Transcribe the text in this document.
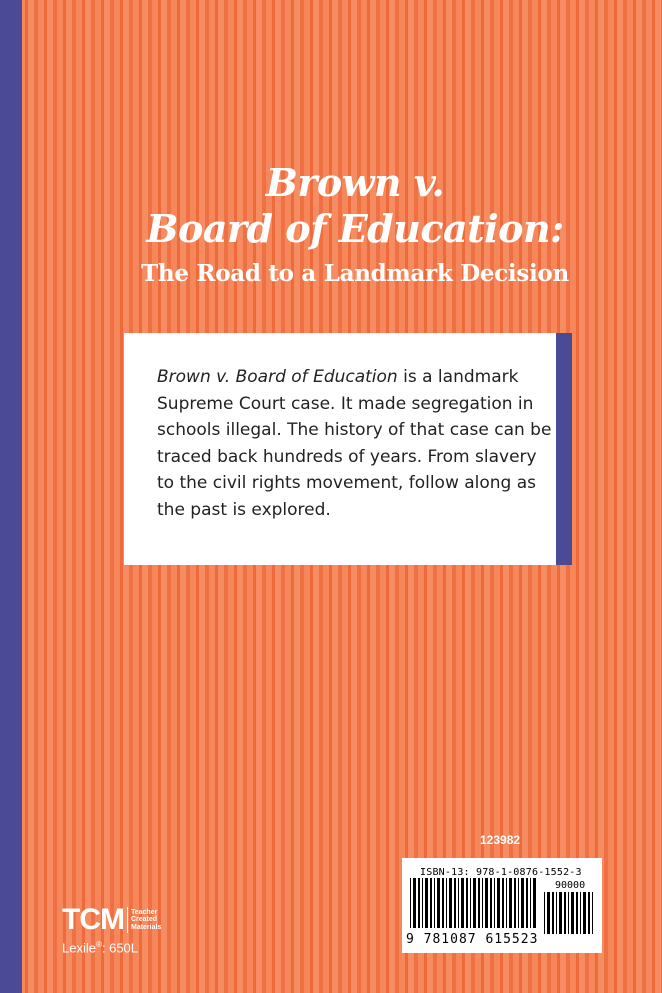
Brown v.
Board of Education:
The Road to a Landmark Decision
Brown v. Board of Education is a landmark Supreme Court case. It made segregation in schools illegal. The history of that case can be traced back hundreds of years. From slavery to the civil rights movement, follow along as the past is explored.
123982
ISBN-13: 978-1-0876-1552-3
90000
9 781087 615523
TCM Teacher
Created
Materials
Lexile®: 650L
